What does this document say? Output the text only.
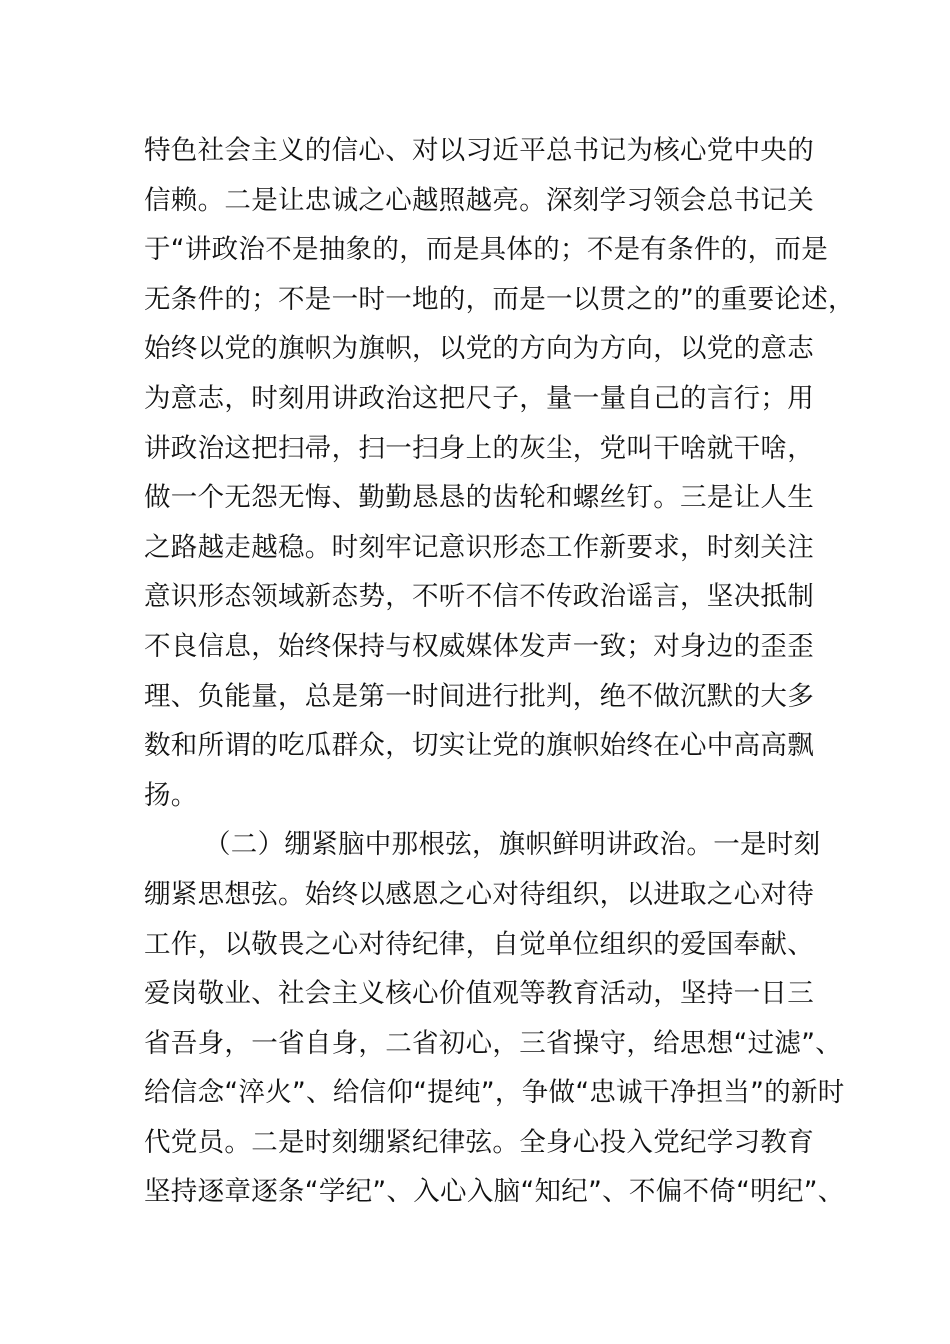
特色社会主义的信心、对以习近平总书记为核心党中央的
信赖。二是让忠诚之心越照越亮。深刻学习领会总书记关
于“讲政治不是抽象的，而是具体的；不是有条件的，而是
无条件的；不是一时一地的，而是一以贯之的”的重要论述，
始终以党的旗帜为旗帜，以党的方向为方向，以党的意志
为意志，时刻用讲政治这把尺子，量一量自己的言行；用
讲政治这把扫帚，扫一扫身上的灰尘，党叫干啥就干啥，
做一个无怨无悔、勤勤恳恳的齿轮和螺丝钉。三是让人生
之路越走越稳。时刻牢记意识形态工作新要求，时刻关注
意识形态领域新态势，不听不信不传政治谣言，坚决抵制
不良信息，始终保持与权威媒体发声一致；对身边的歪歪
理、负能量，总是第一时间进行批判，绝不做沉默的大多
数和所谓的吃瓜群众，切实让党的旗帜始终在心中高高飘
扬。
（二）绷紧脑中那根弦，旗帜鲜明讲政治。一是时刻
绷紧思想弦。始终以感恩之心对待组织，以进取之心对待
工作，以敬畏之心对待纪律，自觉单位组织的爱国奉献、
爱岗敬业、社会主义核心价值观等教育活动，坚持一日三
省吾身，一省自身，二省初心，三省操守，给思想“过滤”、
给信念“淬火”、给信仰“提纯”，争做“忠诚干净担当”的新时
代党员。二是时刻绷紧纪律弦。全身心投入党纪学习教育
坚持逐章逐条“学纪”、入心入脑“知纪”、不偏不倚“明纪”、
